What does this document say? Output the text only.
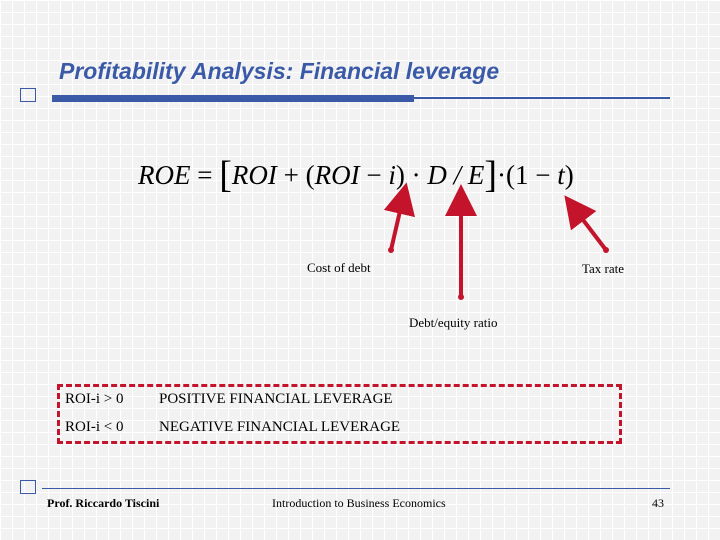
Profitability Analysis: Financial leverage
ROE = [ROI + (ROI − i) · D / E]·(1 − t)
Cost of debt	Tax rate
Debt/equity ratio
ROI-i > 0 POSITIVE FINANCIAL LEVERAGE
ROI-i < 0 NEGATIVE FINANCIAL LEVERAGE
Prof. Riccardo Tiscini	Introduction to Business Economics	43
